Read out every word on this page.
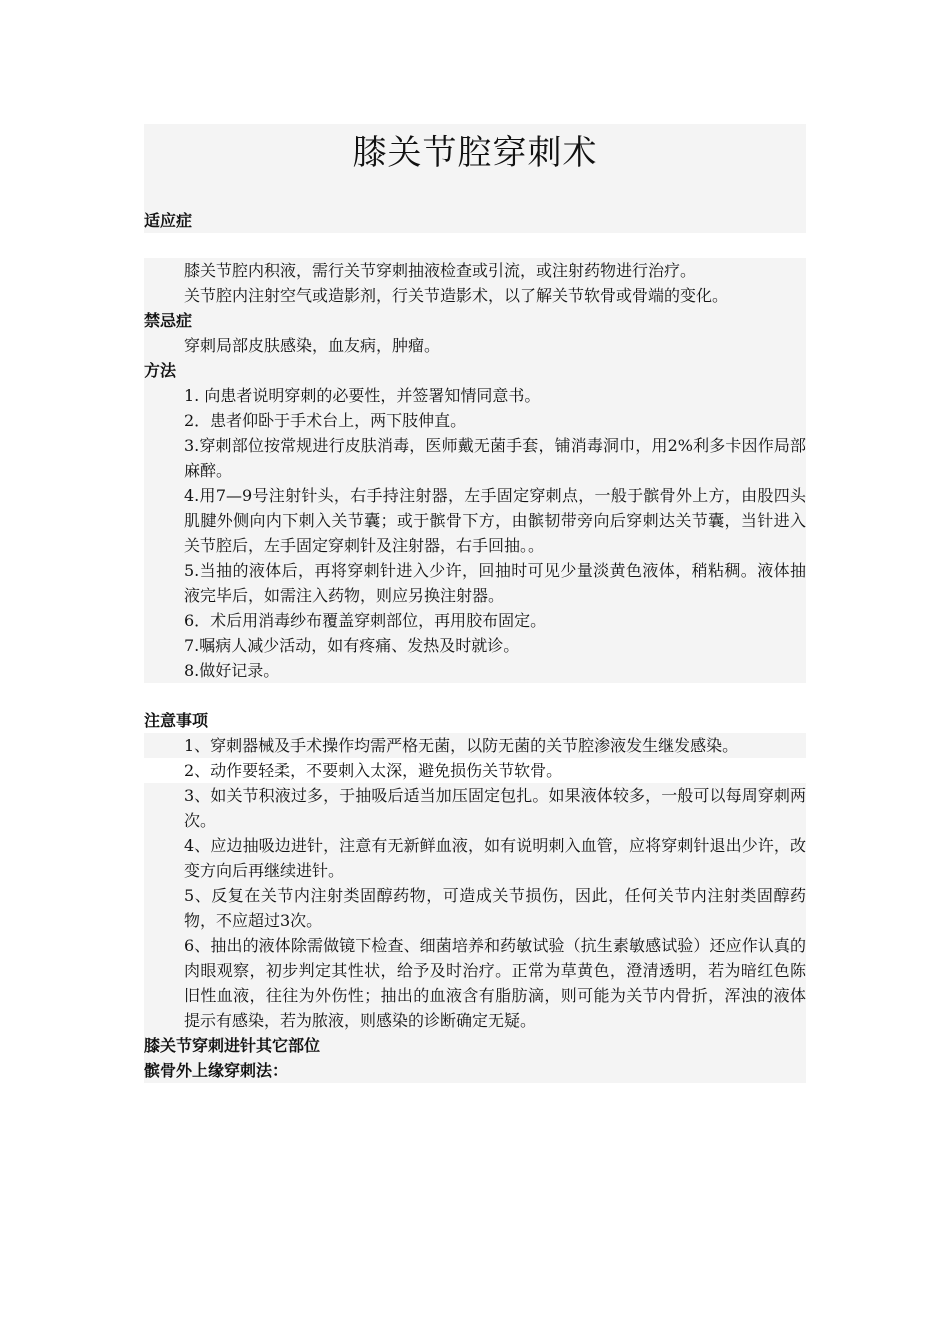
膝关节腔穿刺术
适应症
膝关节腔内积液，需行关节穿刺抽液检查或引流，或注射药物进行治疗。
关节腔内注射空气或造影剂，行关节造影术，以了解关节软骨或骨端的变化。
禁忌症
穿刺局部皮肤感染，血友病，肿瘤。
方法
1. 向患者说明穿刺的必要性，并签署知情同意书。
2．患者仰卧于手术台上，两下肢伸直。
3.穿刺部位按常规进行皮肤消毒，医师戴无菌手套，铺消毒洞巾，用2%利多卡因作局部麻醉。
4.用7—9号注射针头，右手持注射器，左手固定穿刺点，一般于髌骨外上方，由股四头肌腱外侧向内下刺入关节囊；或于髌骨下方，由髌韧带旁向后穿刺达关节囊，当针进入关节腔后，左手固定穿刺针及注射器，右手回抽。。
5.当抽的液体后，再将穿刺针进入少许，回抽时可见少量淡黄色液体，稍粘稠。液体抽液完毕后，如需注入药物，则应另换注射器。
6．术后用消毒纱布覆盖穿刺部位，再用胶布固定。
7.嘱病人减少活动，如有疼痛、发热及时就诊。
8.做好记录。
注意事项
1、穿刺器械及手术操作均需严格无菌，以防无菌的关节腔渗液发生继发感染。
2、动作要轻柔，不要刺入太深，避免损伤关节软骨。
3、如关节积液过多，于抽吸后适当加压固定包扎。如果液体较多，一般可以每周穿刺两次。
4、应边抽吸边进针，注意有无新鲜血液，如有说明刺入血管，应将穿刺针退出少许，改变方向后再继续进针。
5、反复在关节内注射类固醇药物，可造成关节损伤，因此，任何关节内注射类固醇药物，不应超过3次。
6、抽出的液体除需做镜下检查、细菌培养和药敏试验（抗生素敏感试验）还应作认真的肉眼观察，初步判定其性状，给予及时治疗。正常为草黄色，澄清透明，若为暗红色陈旧性血液，往往为外伤性；抽出的血液含有脂肪滴，则可能为关节内骨折，浑浊的液体提示有感染，若为脓液，则感染的诊断确定无疑。
膝关节穿刺进针其它部位
髌骨外上缘穿刺法：
